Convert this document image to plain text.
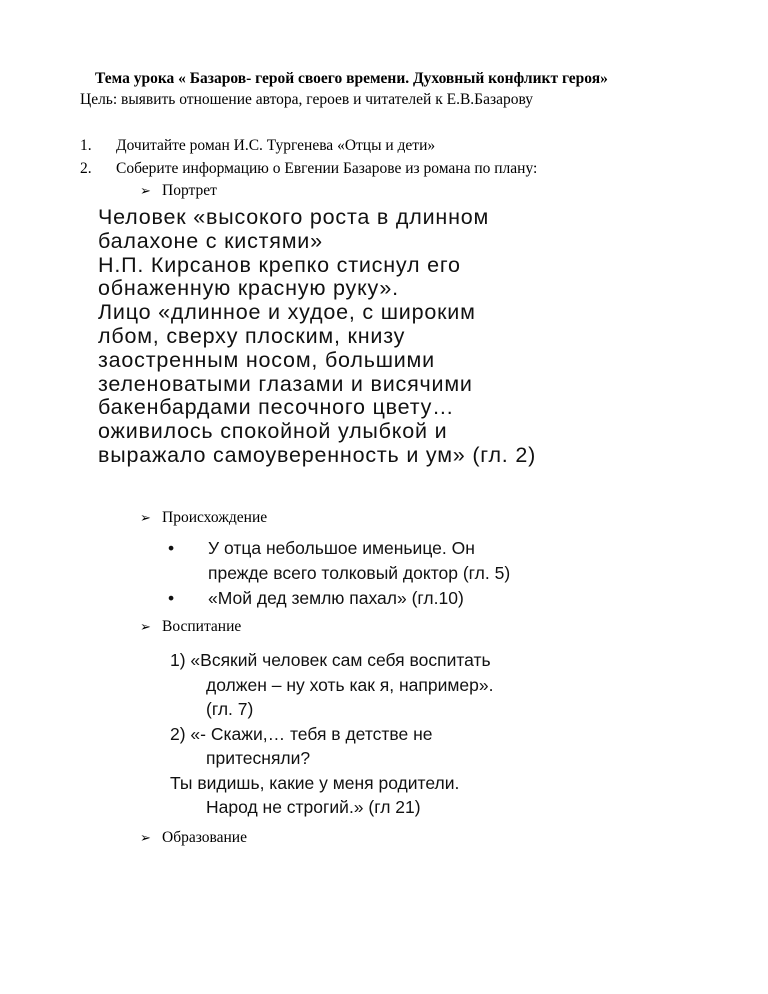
Тема урока « Базаров- герой своего времени. Духовный конфликт героя»
Цель: выявить отношение автора, героев и читателей к Е.В.Базарову
1. Дочитайте роман И.С. Тургенева «Отцы и дети»
2. Соберите информацию о Евгении Базарове из романа по плану:
➢ Портрет
Человек «высокого роста в длинном
балахоне с кистями»
Н.П. Кирсанов крепко стиснул его
обнаженную красную руку».
Лицо «длинное и худое, с широким
лбом, сверху плоским, книзу
заостренным носом, большими
зеленоватыми глазами и висячими
бакенбардами песочного цвету…
оживилось спокойной улыбкой и
выражало самоуверенность и ум» (гл. 2)
➢ Происхождение
• У отца небольшое именьице. Он
прежде всего толковый доктор (гл. 5)
• «Мой дед землю пахал» (гл.10)
➢ Воспитание
1) «Всякий человек сам себя воспитать
должен – ну хоть как я, например».
(гл. 7)
2) «- Скажи,… тебя в детстве не
притесняли?
Ты видишь, какие у меня родители.
Народ не строгий.» (гл 21)
➢ Образование
